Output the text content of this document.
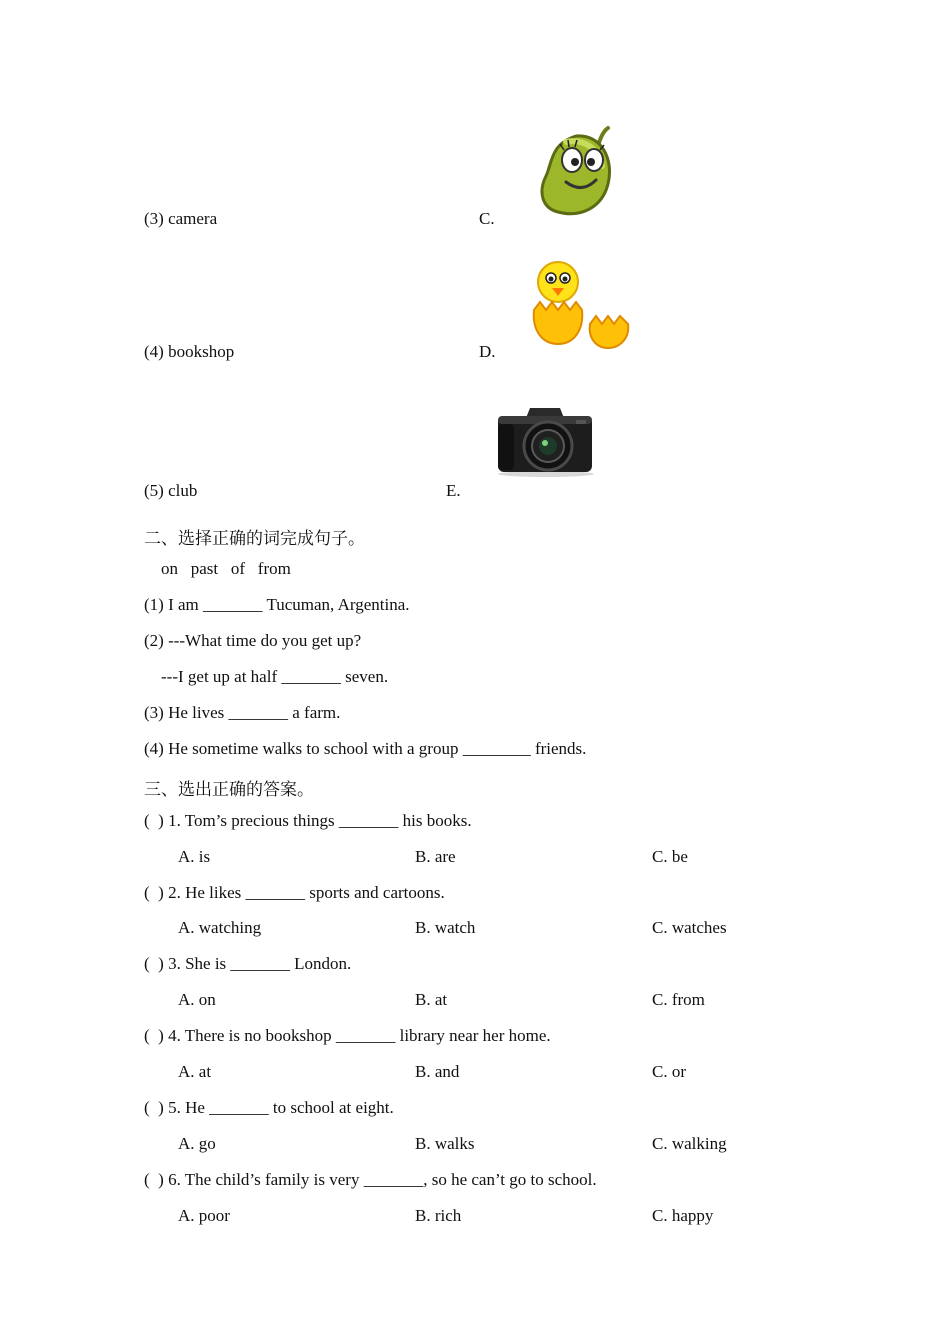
(3) camera	C.
(4) bookshop	D.
(5) club	E.
二、选择正确的词完成句子。
on   past   of   from
(1) I am _______ Tucuman, Argentina.
(2) ---What time do you get up?
---I get up at half _______ seven.
(3) He lives _______ a farm.
(4) He sometime walks to school with a group ________ friends.
三、选出正确的答案。
(  ) 1. Tom’s precious things _______ his books.
A. is	B. are	C. be
(  ) 2. He likes _______ sports and cartoons.
A. watching	B. watch	C. watches
(  ) 3. She is _______ London.
A. on	B. at	C. from
(  ) 4. There is no bookshop _______ library near her home.
A. at	B. and	C. or
(  ) 5. He _______ to school at eight.
A. go	B. walks	C. walking
(  ) 6. The child’s family is very _______, so he can’t go to school.
A. poor	B. rich	C. happy
